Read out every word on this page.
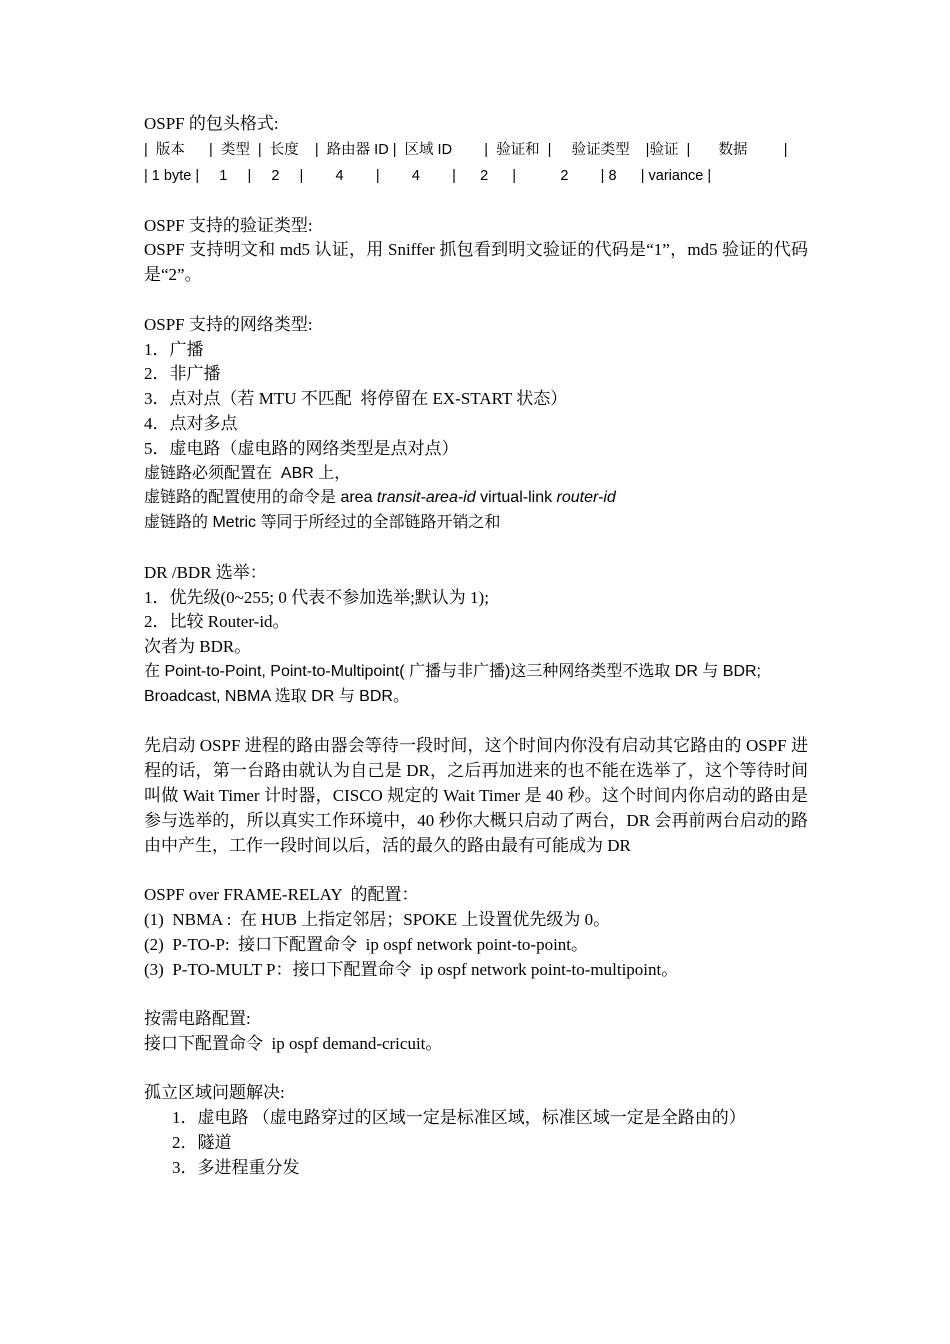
OSPF 的包头格式:
|  版本      |  类型  |  长度    |  路由器 ID |  区域 ID        |  验证和  |     验证类型    |验证  |       数据         |
| 1 byte |     1     |     2     |        4        |        4        |      2      |           2        | 8      | variance |
OSPF 支持的验证类型:
OSPF 支持明文和 md5 认证，用 Sniffer 抓包看到明文验证的代码是“1”，md5 验证的代码是“2”。
OSPF 支持的网络类型:
1．广播
2．非广播
3．点对点（若 MTU 不匹配  将停留在 EX-START 状态）
4．点对多点
5．虚电路（虚电路的网络类型是点对点）
虚链路必须配置在  ABR 上，
虚链路的配置使用的命令是 area transit-area-id virtual-link router-id
虚链路的 Metric 等同于所经过的全部链路开销之和
DR /BDR 选举：
1．优先级(0~255; 0 代表不参加选举;默认为 1);
2．比较 Router-id。
次者为 BDR。
在 Point-to-Point, Point-to-Multipoint( 广播与非广播)这三种网络类型不选取 DR 与 BDR; Broadcast, NBMA 选取 DR 与 BDR。
先启动 OSPF 进程的路由器会等待一段时间，这个时间内你没有启动其它路由的 OSPF 进程的话，第一台路由就认为自己是 DR，之后再加进来的也不能在选举了，这个等待时间叫做 Wait Timer 计时器，CISCO 规定的 Wait Timer 是 40 秒。这个时间内你启动的路由是参与选举的，所以真实工作环境中，40 秒你大概只启动了两台，DR 会再前两台启动的路由中产生，工作一段时间以后，活的最久的路由最有可能成为 DR
OSPF over FRAME-RELAY  的配置：
(1)  NBMA :  在 HUB 上指定邻居；SPOKE 上设置优先级为 0。
(2)  P-TO-P:  接口下配置命令  ip ospf network point-to-point。
(3)  P-TO-MULT P：接口下配置命令  ip ospf network point-to-multipoint。
按需电路配置:
接口下配置命令  ip ospf demand-cricuit。
孤立区域问题解决:
1．虚电路 （虚电路穿过的区域一定是标准区域，标准区域一定是全路由的）
2．隧道
3．多进程重分发
